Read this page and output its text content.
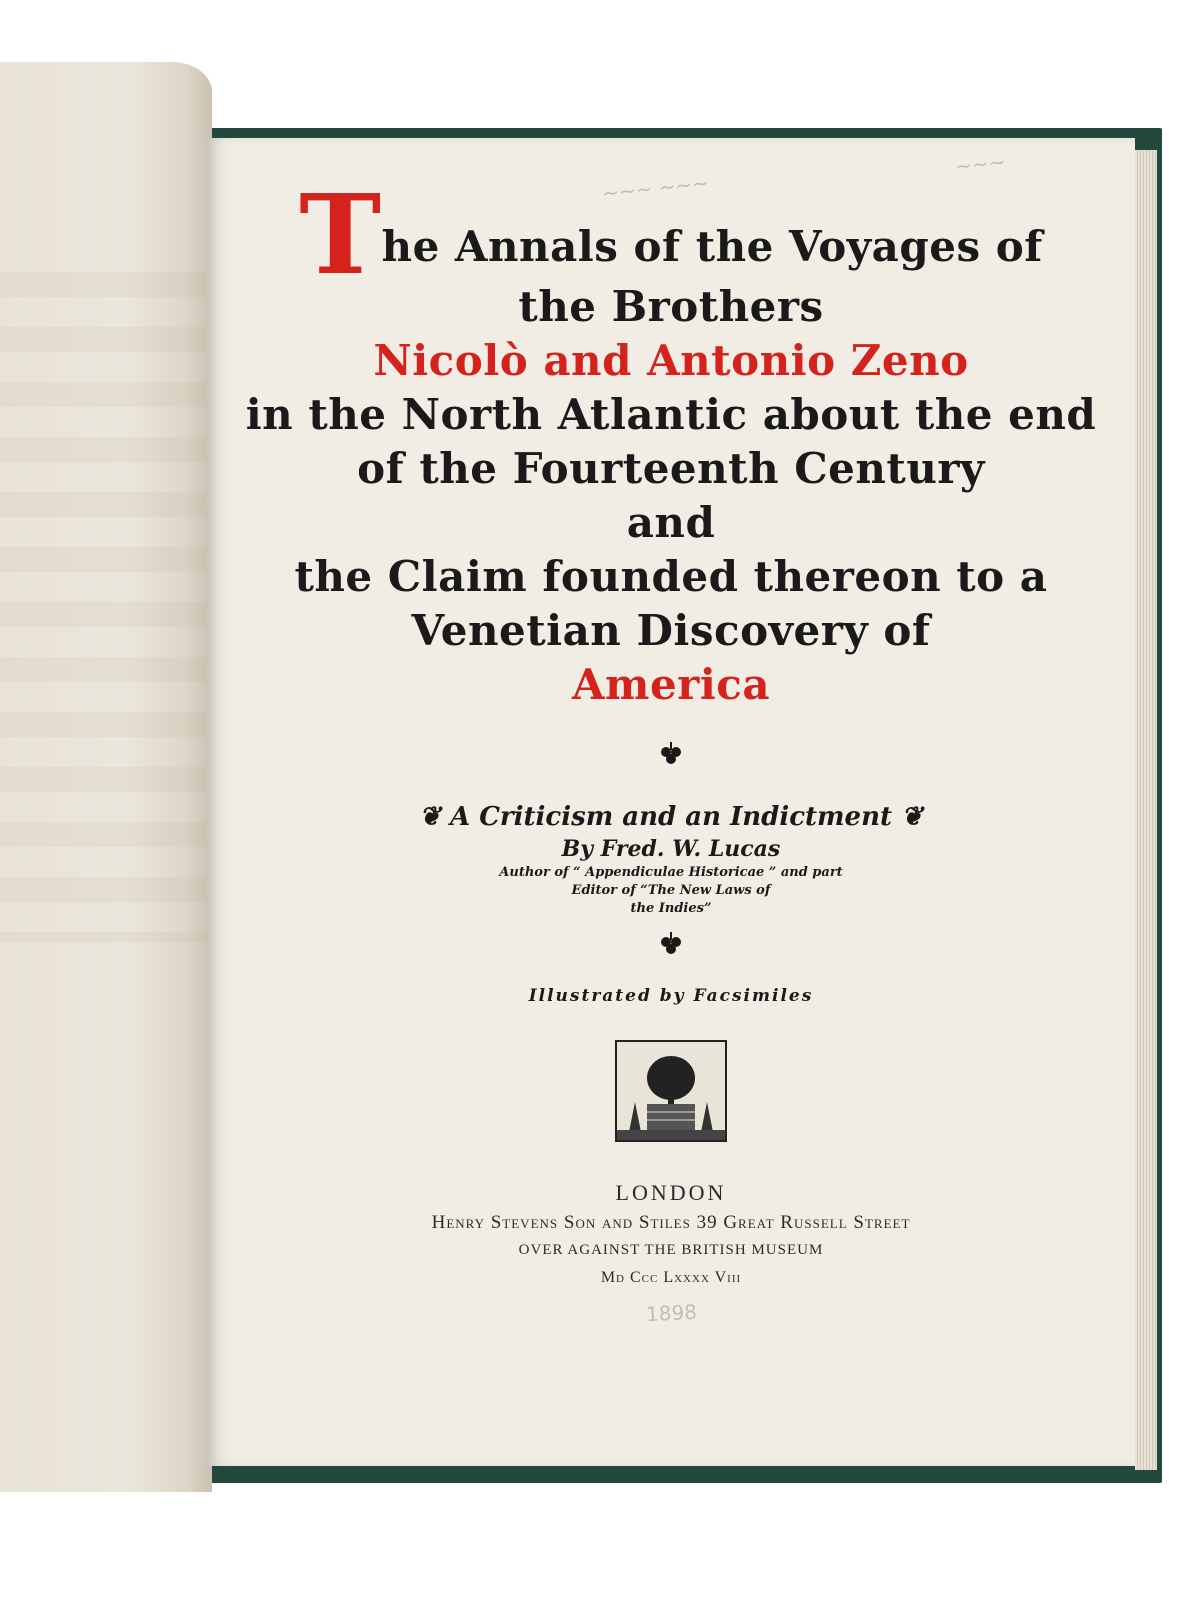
~~~ ~~~
~~~

The Annals of the Voyages of

the Brothers

Nicolò and Antonio Zeno

in the North Atlantic about the end

of the Fourteenth Century

and

the Claim founded thereon to a

Venetian Discovery of

America

❦ A Criticism and an Indictment ❦

By Fred. W. Lucas

Author of “ Appendiculae Historicae ” and part

Editor of “The New Laws of

the Indies”

Illustrated by Facsimiles

LONDON

Henry Stevens Son and Stiles 39 Great Russell Street

OVER AGAINST THE BRITISH MUSEUM

Md Ccc Lxxxx Viii

1898
